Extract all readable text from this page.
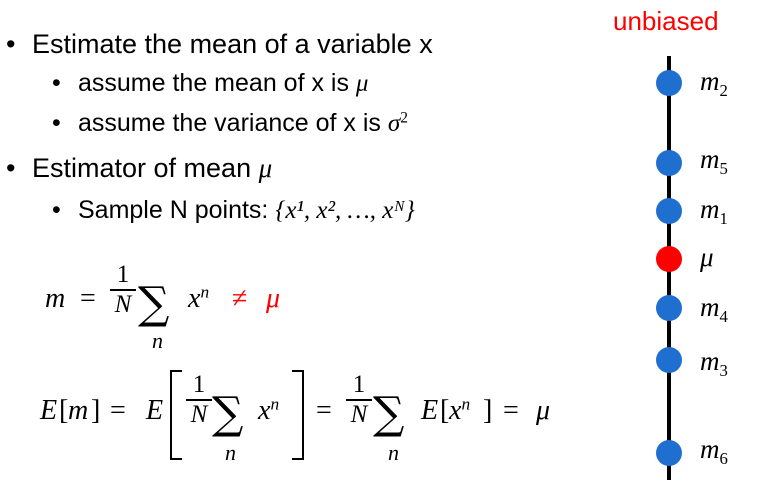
• Estimate the mean of a variable x
• assume the mean of x is μ
• assume the variance of x is $\sigma^2$
• Estimator of mean μ
• Sample N points: {x¹, x², …, xᴺ}
m =
1
N ∑
n
$x^n \ne \mu$
E [ m ] = E
1
N ∑
n
$x^n$ =
1
N ∑
n
E [ $x^n$ ] = μ
unbiased
$m_2$
$m_5$
$m_1$
μ
$m_4$
$m_3$
$m_6$
